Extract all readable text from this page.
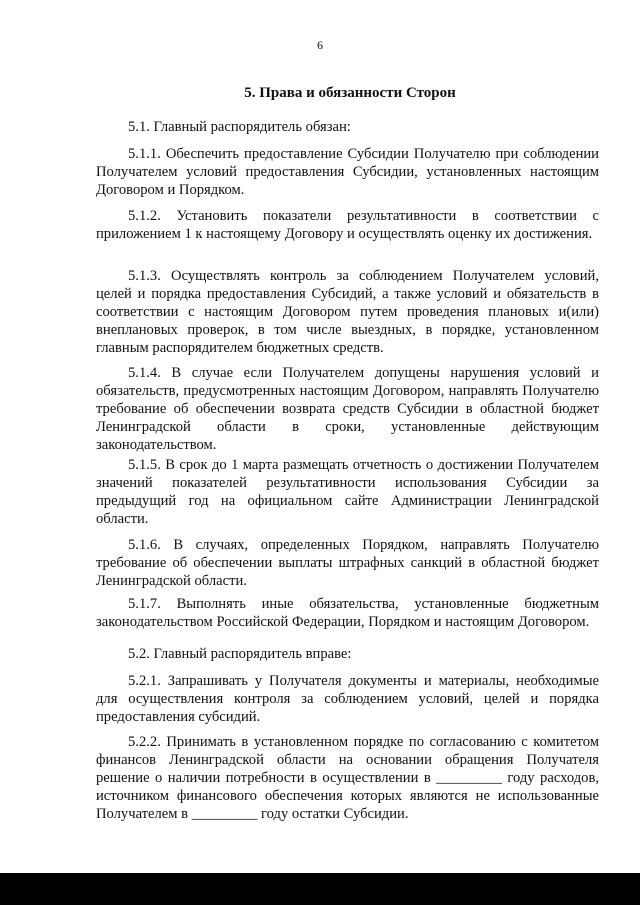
6
5. Права и обязанности Сторон
5.1. Главный распорядитель обязан:
5.1.1. Обеспечить предоставление Субсидии Получателю при соблюдении Получателем условий предоставления Субсидии, установленных настоящим Договором и Порядком.
5.1.2. Установить показатели результативности в соответствии с приложением 1 к настоящему Договору и осуществлять оценку их достижения.
5.1.3. Осуществлять контроль за соблюдением Получателем условий, целей и порядка предоставления Субсидий, а также условий и обязательств в соответствии с настоящим Договором путем проведения плановых и(или) внеплановых проверок, в том числе выездных, в порядке, установленном главным распорядителем бюджетных средств.
5.1.4. В случае если Получателем допущены нарушения условий и обязательств, предусмотренных настоящим Договором, направлять Получателю требование об обеспечении возврата средств Субсидии в областной бюджет Ленинградской области в сроки, установленные действующим законодательством.
5.1.5. В срок до 1 марта размещать отчетность о достижении Получателем значений показателей результативности использования Субсидии за предыдущий год на официальном сайте Администрации Ленинградской области.
5.1.6. В случаях, определенных Порядком, направлять Получателю требование об обеспечении выплаты штрафных санкций в областной бюджет Ленинградской области.
5.1.7. Выполнять иные обязательства, установленные бюджетным законодательством Российской Федерации, Порядком и настоящим Договором.
5.2. Главный распорядитель вправе:
5.2.1. Запрашивать у Получателя документы и материалы, необходимые для осуществления контроля за соблюдением условий, целей и порядка предоставления субсидий.
5.2.2. Принимать в установленном порядке по согласованию с комитетом финансов Ленинградской области на основании обращения Получателя решение о наличии потребности в осуществлении в _________ году расходов, источником финансового обеспечения которых являются не использованные Получателем в _________ году остатки Субсидии.
